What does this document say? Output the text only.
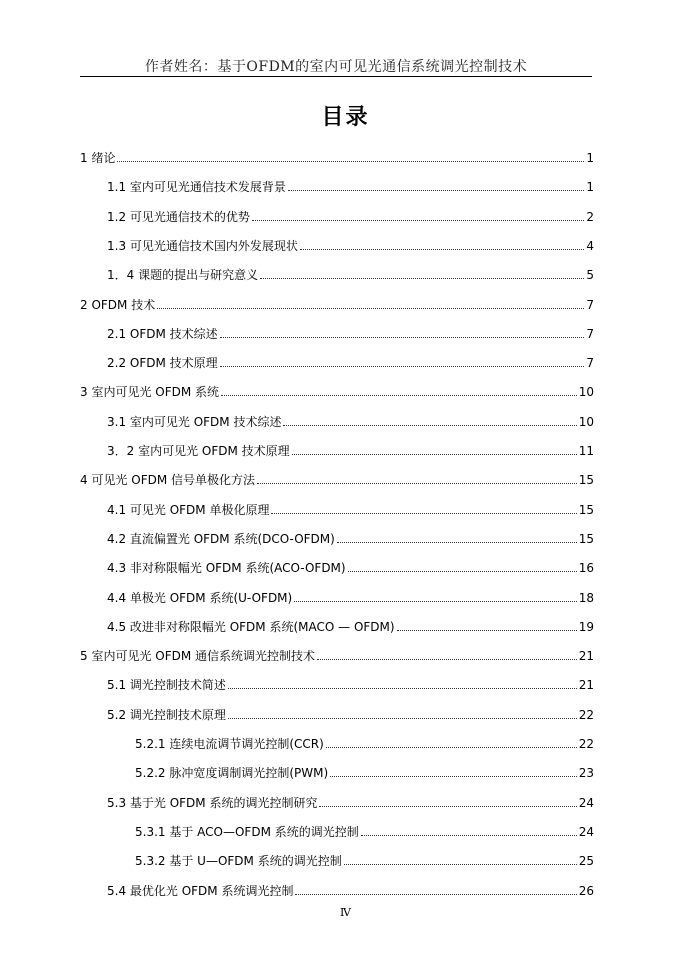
作者姓名：基于OFDM的室内可见光通信系统调光控制技术
目录
1 绪论	1
1.1 室内可见光通信技术发展背景	1
1.2 可见光通信技术的优势	2
1.3 可见光通信技术国内外发展现状	4
1．4 课题的提出与研究意义	5
2 OFDM 技术	7
2.1 OFDM 技术综述	7
2.2 OFDM 技术原理	7
3 室内可见光 OFDM 系统	10
3.1 室内可见光 OFDM 技术综述	10
3．2 室内可见光 OFDM 技术原理	11
4 可见光 OFDM 信号单极化方法	15
4.1 可见光 OFDM 单极化原理	15
4.2 直流偏置光 OFDM 系统(DCO-OFDM)	15
4.3 非对称限幅光 OFDM 系统(ACO-OFDM)	16
4.4 单极光 OFDM 系统(U-OFDM)	18
4.5 改进非对称限幅光 OFDM 系统(MACO — OFDM)	19
5 室内可见光 OFDM 通信系统调光控制技术	21
5.1 调光控制技术简述	21
5.2 调光控制技术原理	22
5.2.1 连续电流调节调光控制(CCR)	22
5.2.2 脉冲宽度调制调光控制(PWM)	23
5.3 基于光 OFDM 系统的调光控制研究	24
5.3.1 基于 ACO—OFDM 系统的调光控制	24
5.3.2 基于 U—OFDM 系统的调光控制	25
5.4 最优化光 OFDM 系统调光控制	26
Ⅳ
